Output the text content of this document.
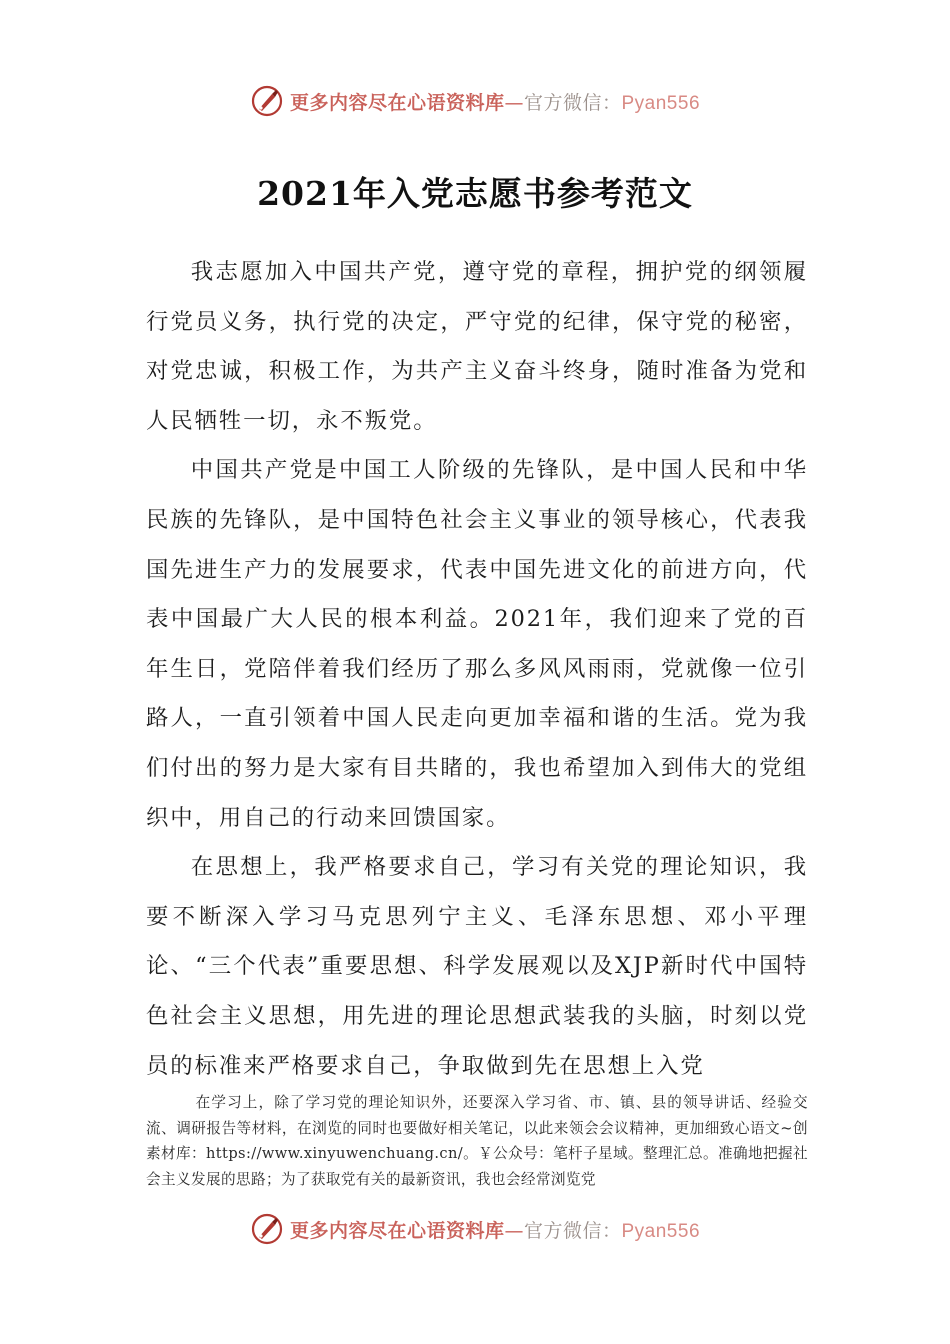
更多内容尽在心语资料库—官方微信：Pyan556
2021年入党志愿书参考范文

我志愿加入中国共产党，遵守党的章程，拥护党的纲领履行党员义务，执行党的决定，严守党的纪律，保守党的秘密，对党忠诚，积极工作，为共产主义奋斗终身，随时准备为党和人民牺牲一切，永不叛党。

中国共产党是中国工人阶级的先锋队，是中国人民和中华民族的先锋队，是中国特色社会主义事业的领导核心，代表我国先进生产力的发展要求，代表中国先进文化的前进方向，代表中国最广大人民的根本利益。2021年，我们迎来了党的百年生日，党陪伴着我们经历了那么多风风雨雨，党就像一位引路人，一直引领着中国人民走向更加幸福和谐的生活。党为我们付出的努力是大家有目共睹的，我也希望加入到伟大的党组织中，用自己的行动来回馈国家。

在思想上，我严格要求自己，学习有关党的理论知识，我要不断深入学习马克思列宁主义、毛泽东思想、邓小平理论、“三个代表”重要思想、科学发展观以及XJP新时代中国特色社会主义思想，用先进的理论思想武装我的头脑，时刻以党员的标准来严格要求自己，争取做到先在思想上入党

在学习上，除了学习党的理论知识外，还要深入学习省、市、镇、县的领导讲话、经验交流、调研报告等材料，在浏览的同时也要做好相关笔记，以此来领会会议精神，更加细致心语文~创素材库：https://www.xinyuwenchuang.cn/。￥公众号：笔杆子星域。整理汇总。准确地把握社会主义发展的思路；为了获取党有关的最新资讯，我也会经常浏览党

更多内容尽在心语资料库—官方微信：Pyan556
